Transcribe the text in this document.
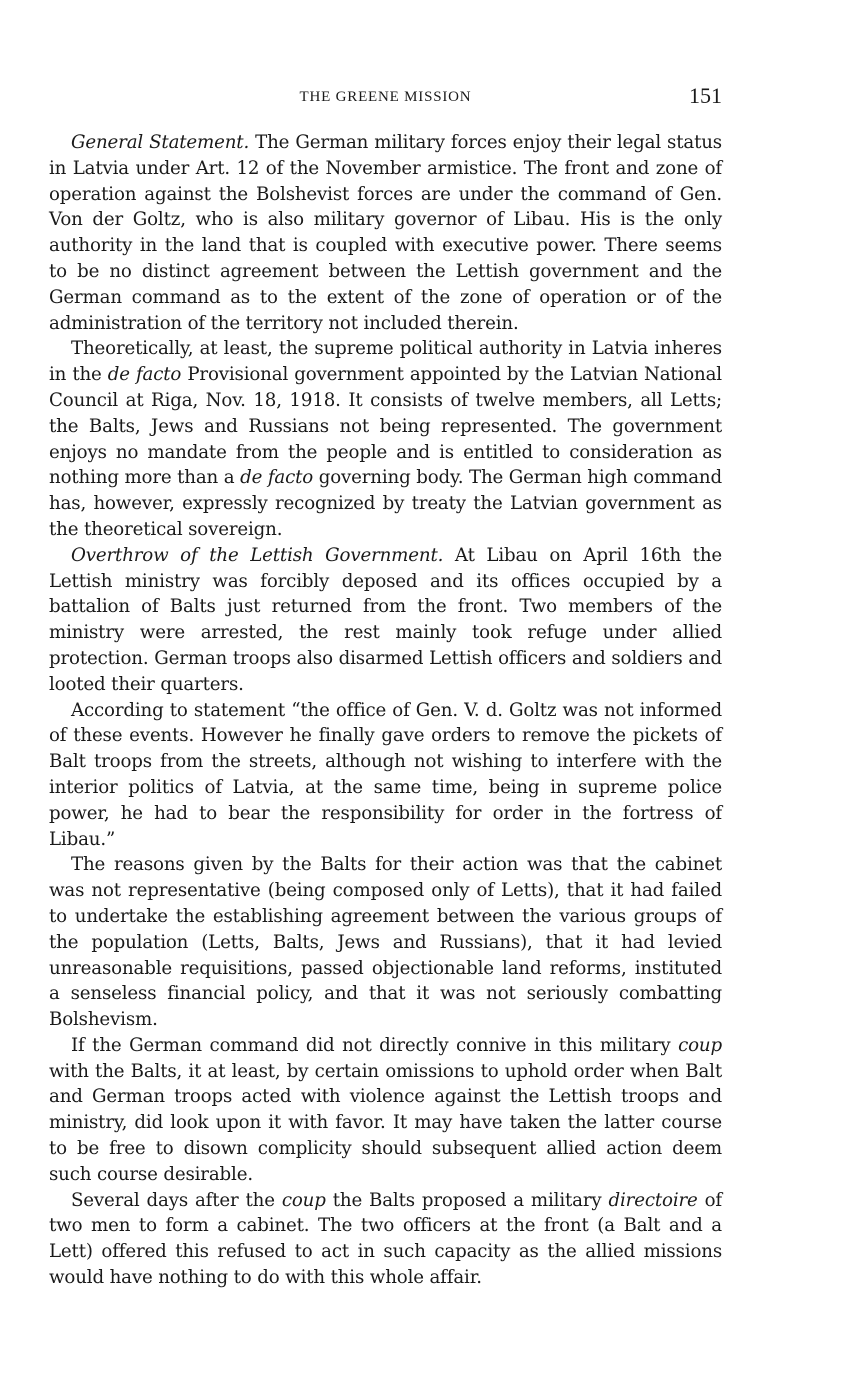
THE GREENE MISSION	151

General Statement. The German military forces enjoy their legal status in Latvia under Art. 12 of the November armistice. The front and zone of operation against the Bolshevist forces are under the command of Gen. Von der Goltz, who is also military governor of Libau. His is the only authority in the land that is coupled with executive power. There seems to be no distinct agreement between the Lettish government and the German command as to the extent of the zone of operation or of the administration of the territory not included therein.

Theoretically, at least, the supreme political authority in Latvia inheres in the de facto Provisional government appointed by the Latvian National Council at Riga, Nov. 18, 1918. It consists of twelve members, all Letts; the Balts, Jews and Russians not being represented. The government enjoys no mandate from the people and is entitled to consideration as nothing more than a de facto governing body. The German high command has, however, expressly recognized by treaty the Latvian government as the theoretical sovereign.

Overthrow of the Lettish Government. At Libau on April 16th the Lettish ministry was forcibly deposed and its offices occupied by a battalion of Balts just returned from the front. Two members of the ministry were arrested, the rest mainly took refuge under allied protection. German troops also disarmed Lettish officers and soldiers and looted their quarters.

According to statement “the office of Gen. V. d. Goltz was not informed of these events. However he finally gave orders to remove the pickets of Balt troops from the streets, although not wishing to interfere with the interior politics of Latvia, at the same time, being in supreme police power, he had to bear the responsibility for order in the fortress of Libau.”

The reasons given by the Balts for their action was that the cabinet was not representative (being composed only of Letts), that it had failed to undertake the establishing agreement between the various groups of the population (Letts, Balts, Jews and Russians), that it had levied unreasonable requisitions, passed objectionable land reforms, instituted a senseless financial policy, and that it was not seriously combatting Bolshevism.

If the German command did not directly connive in this military coup with the Balts, it at least, by certain omissions to uphold order when Balt and German troops acted with violence against the Lettish troops and ministry, did look upon it with favor. It may have taken the latter course to be free to disown complicity should subsequent allied action deem such course desirable.

Several days after the coup the Balts proposed a military directoire of two men to form a cabinet. The two officers at the front (a Balt and a Lett) offered this refused to act in such capacity as the allied missions would have nothing to do with this whole affair.
